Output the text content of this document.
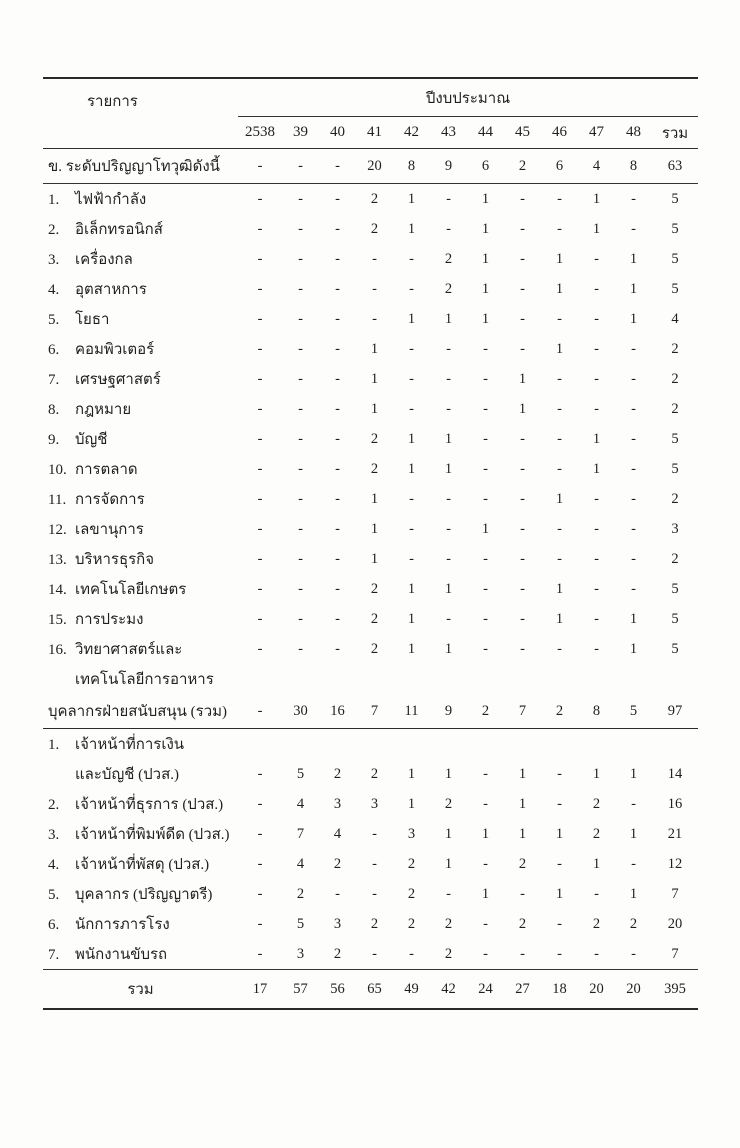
รายการ	ปีงบประมาณ											
	2538	39	40	41	42	43	44	45	46	47	48	รวม
ข. ระดับปริญญาโทวุฒิดังนี้	-	-	-	20	8	9	6	2	6	4	8	63
1. ไฟฟ้ากำลัง	-	-	-	2	1	-	1	-	-	1	-	5
2. อิเล็กทรอนิกส์	-	-	-	2	1	-	1	-	-	1	-	5
3. เครื่องกล	-	-	-	-	-	2	1	-	1	-	1	5
4. อุตสาหการ	-	-	-	-	-	2	1	-	1	-	1	5
5. โยธา	-	-	-	-	1	1	1	-	-	-	1	4
6. คอมพิวเตอร์	-	-	-	1	-	-	-	-	1	-	-	2
7. เศรษฐศาสตร์	-	-	-	1	-	-	-	1	-	-	-	2
8. กฎหมาย	-	-	-	1	-	-	-	1	-	-	-	2
9. บัญชี	-	-	-	2	1	1	-	-	-	1	-	5
10. การตลาด	-	-	-	2	1	1	-	-	-	1	-	5
11. การจัดการ	-	-	-	1	-	-	-	-	1	-	-	2
12. เลขานุการ	-	-	-	1	-	-	1	-	-	-	-	3
13. บริหารธุรกิจ	-	-	-	1	-	-	-	-	-	-	-	2
14. เทคโนโลยีเกษตร	-	-	-	2	1	1	-	-	1	-	-	5
15. การประมง	-	-	-	2	1	-	-	-	1	-	1	5
16. วิทยาศาสตร์และ	-	-	-	2	1	1	-	-	-	-	1	5
เทคโนโลยีการอาหาร												
บุคลากรฝ่ายสนับสนุน (รวม)	-	30	16	7	11	9	2	7	2	8	5	97
1. เจ้าหน้าที่การเงิน												
และบัญชี (ปวส.)	-	5	2	2	1	1	-	1	-	1	1	14
2. เจ้าหน้าที่ธุรการ (ปวส.)	-	4	3	3	1	2	-	1	-	2	-	16
3. เจ้าหน้าที่พิมพ์ดีด (ปวส.)	-	7	4	-	3	1	1	1	1	2	1	21
4. เจ้าหน้าที่พัสดุ (ปวส.)	-	4	2	-	2	1	-	2	-	1	-	12
5. บุคลากร (ปริญญาตรี)	-	2	-	-	2	-	1	-	1	-	1	7
6. นักการภารโรง	-	5	3	2	2	2	-	2	-	2	2	20
7. พนักงานขับรถ	-	3	2	-	-	2	-	-	-	-	-	7
รวม	17	57	56	65	49	42	24	27	18	20	20	395
